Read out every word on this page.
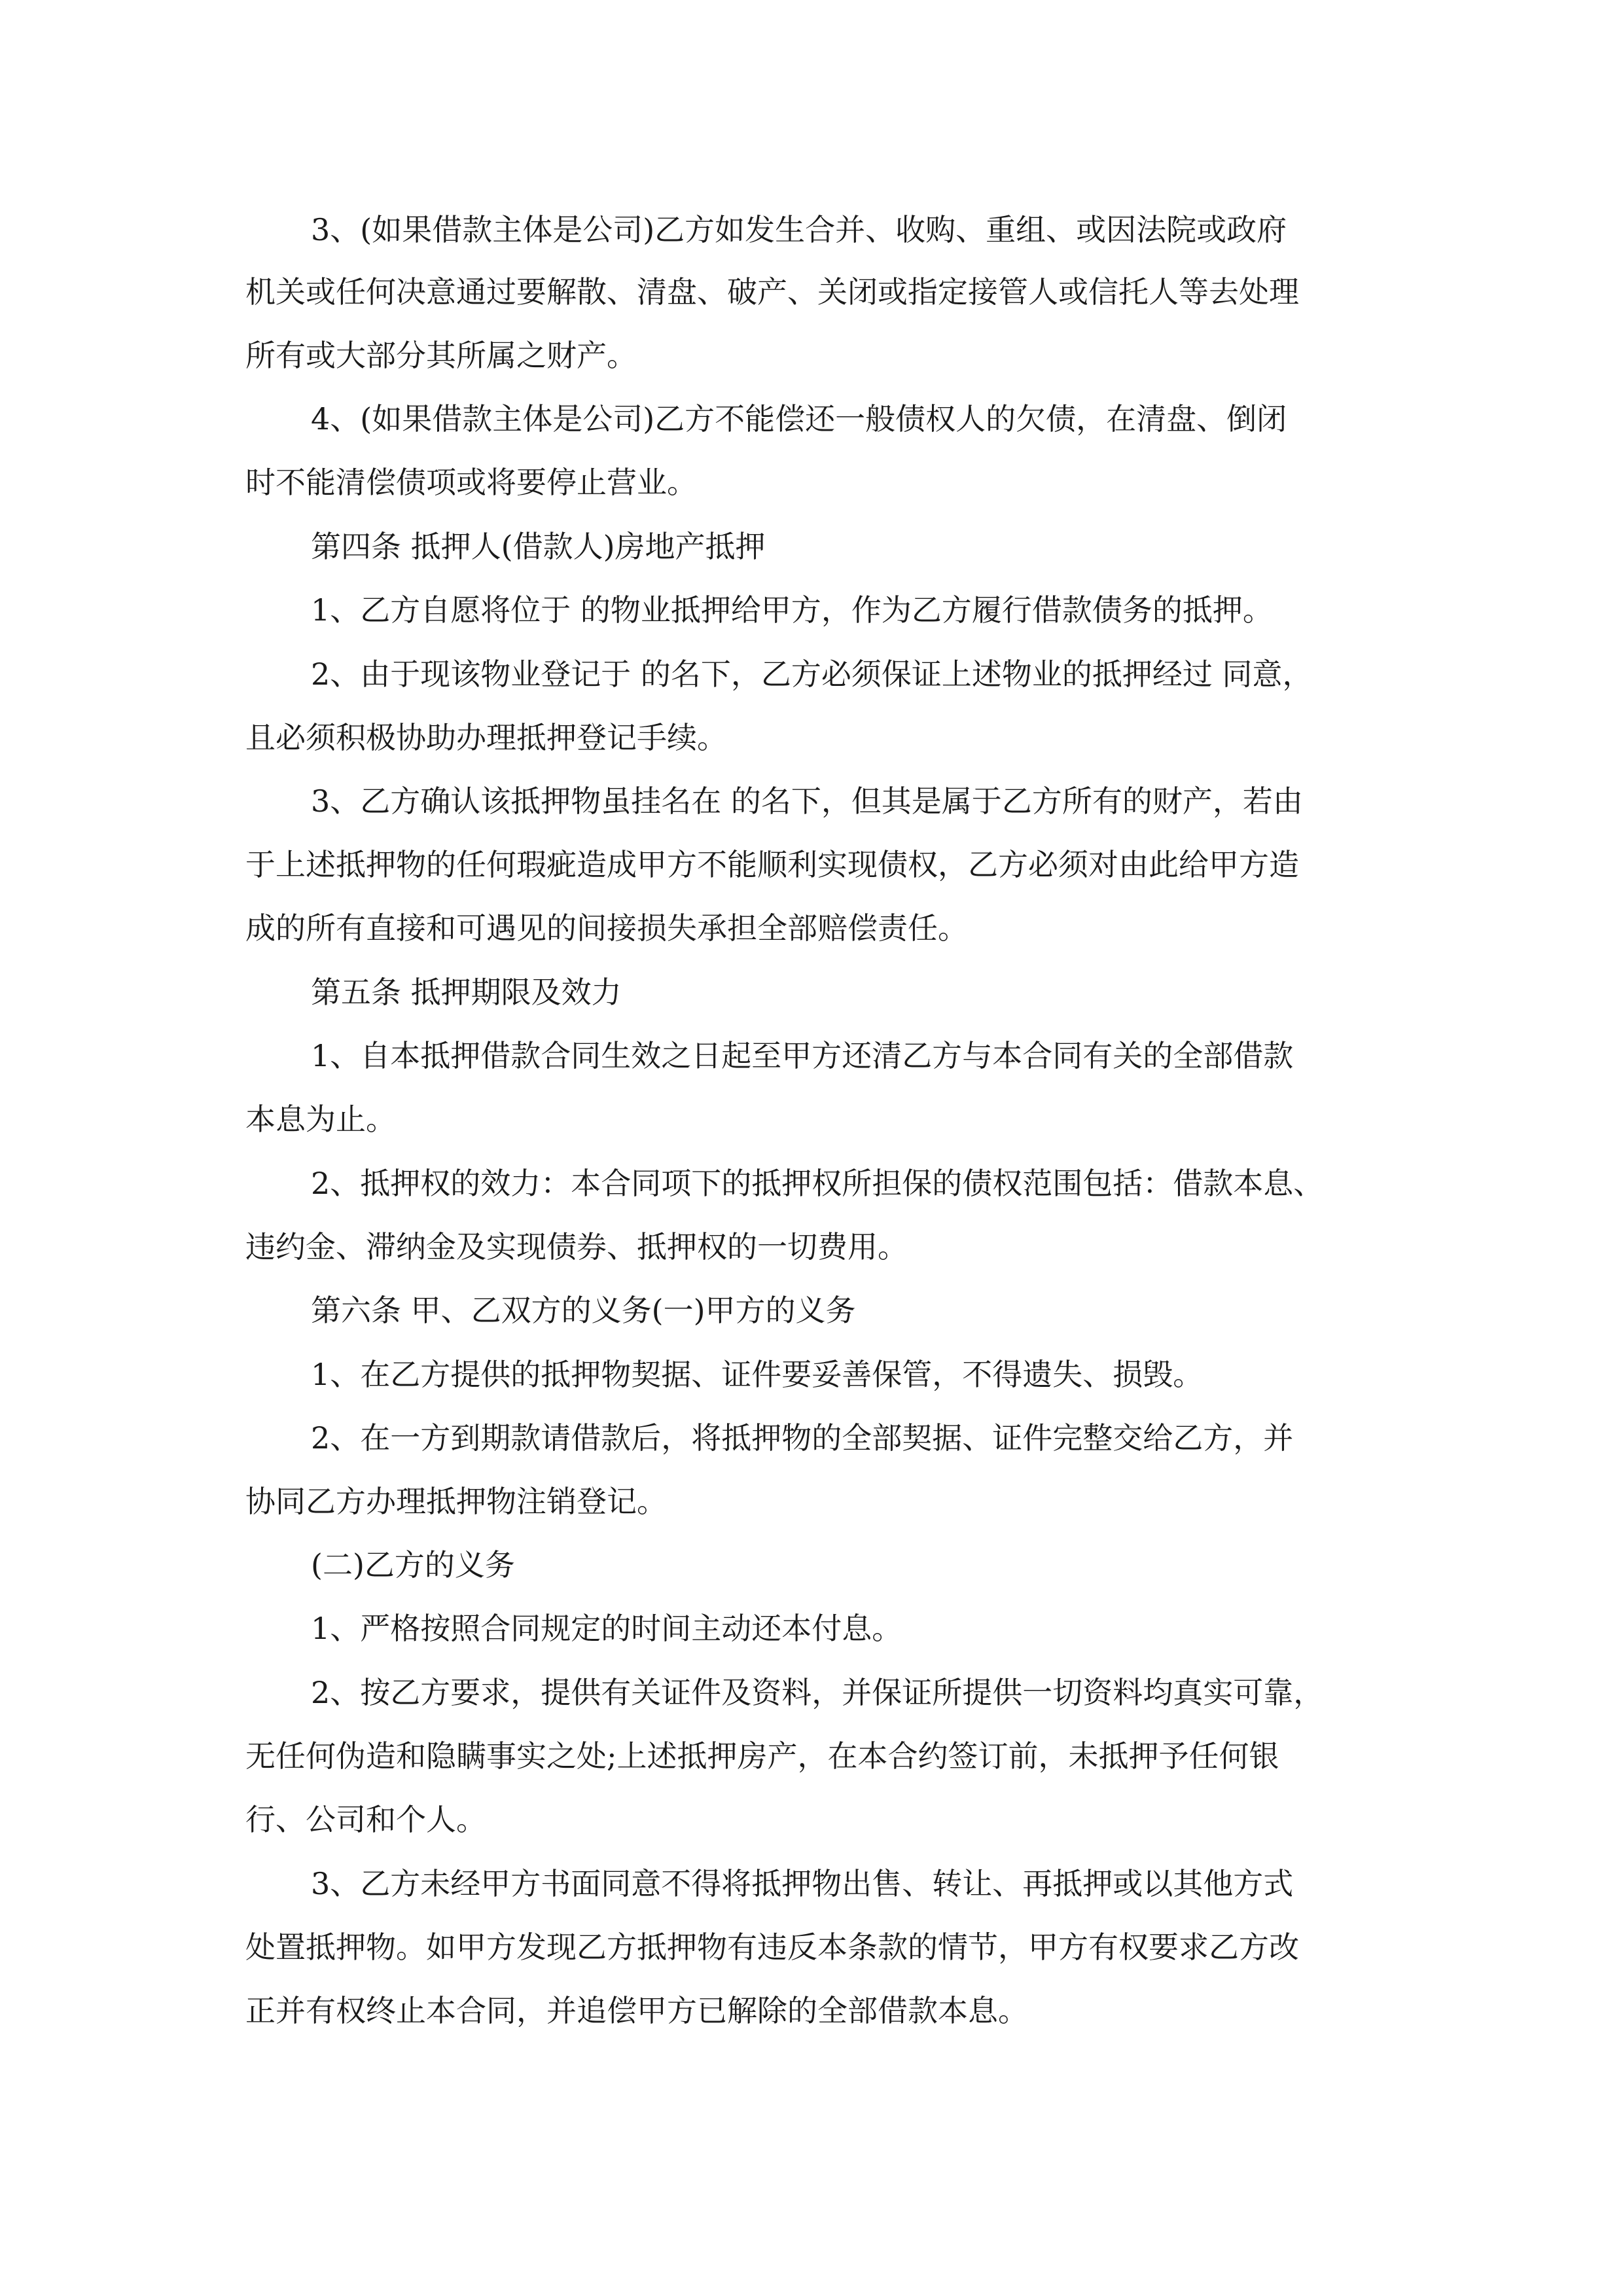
3、(如果借款主体是公司)乙方如发生合并、收购、重组、或因法院或政府
机关或任何决意通过要解散、清盘、破产、关闭或指定接管人或信托人等去处理
所有或大部分其所属之财产。
4、(如果借款主体是公司)乙方不能偿还一般债权人的欠债，在清盘、倒闭
时不能清偿债项或将要停止营业。
第四条 抵押人(借款人)房地产抵押
1、乙方自愿将位于 的物业抵押给甲方，作为乙方履行借款债务的抵押。
2、由于现该物业登记于 的名下，乙方必须保证上述物业的抵押经过 同意，
且必须积极协助办理抵押登记手续。
3、乙方确认该抵押物虽挂名在 的名下，但其是属于乙方所有的财产，若由
于上述抵押物的任何瑕疵造成甲方不能顺利实现债权，乙方必须对由此给甲方造
成的所有直接和可遇见的间接损失承担全部赔偿责任。
第五条 抵押期限及效力
1、自本抵押借款合同生效之日起至甲方还清乙方与本合同有关的全部借款
本息为止。
2、抵押权的效力：本合同项下的抵押权所担保的债权范围包括：借款本息、
违约金、滞纳金及实现债券、抵押权的一切费用。
第六条 甲、乙双方的义务(一)甲方的义务
1、在乙方提供的抵押物契据、证件要妥善保管，不得遗失、损毁。
2、在一方到期款请借款后，将抵押物的全部契据、证件完整交给乙方，并
协同乙方办理抵押物注销登记。
(二)乙方的义务
1、严格按照合同规定的时间主动还本付息。
2、按乙方要求，提供有关证件及资料，并保证所提供一切资料均真实可靠，
无任何伪造和隐瞒事实之处;上述抵押房产，在本合约签订前，未抵押予任何银
行、公司和个人。
3、乙方未经甲方书面同意不得将抵押物出售、转让、再抵押或以其他方式
处置抵押物。如甲方发现乙方抵押物有违反本条款的情节，甲方有权要求乙方改
正并有权终止本合同，并追偿甲方已解除的全部借款本息。
